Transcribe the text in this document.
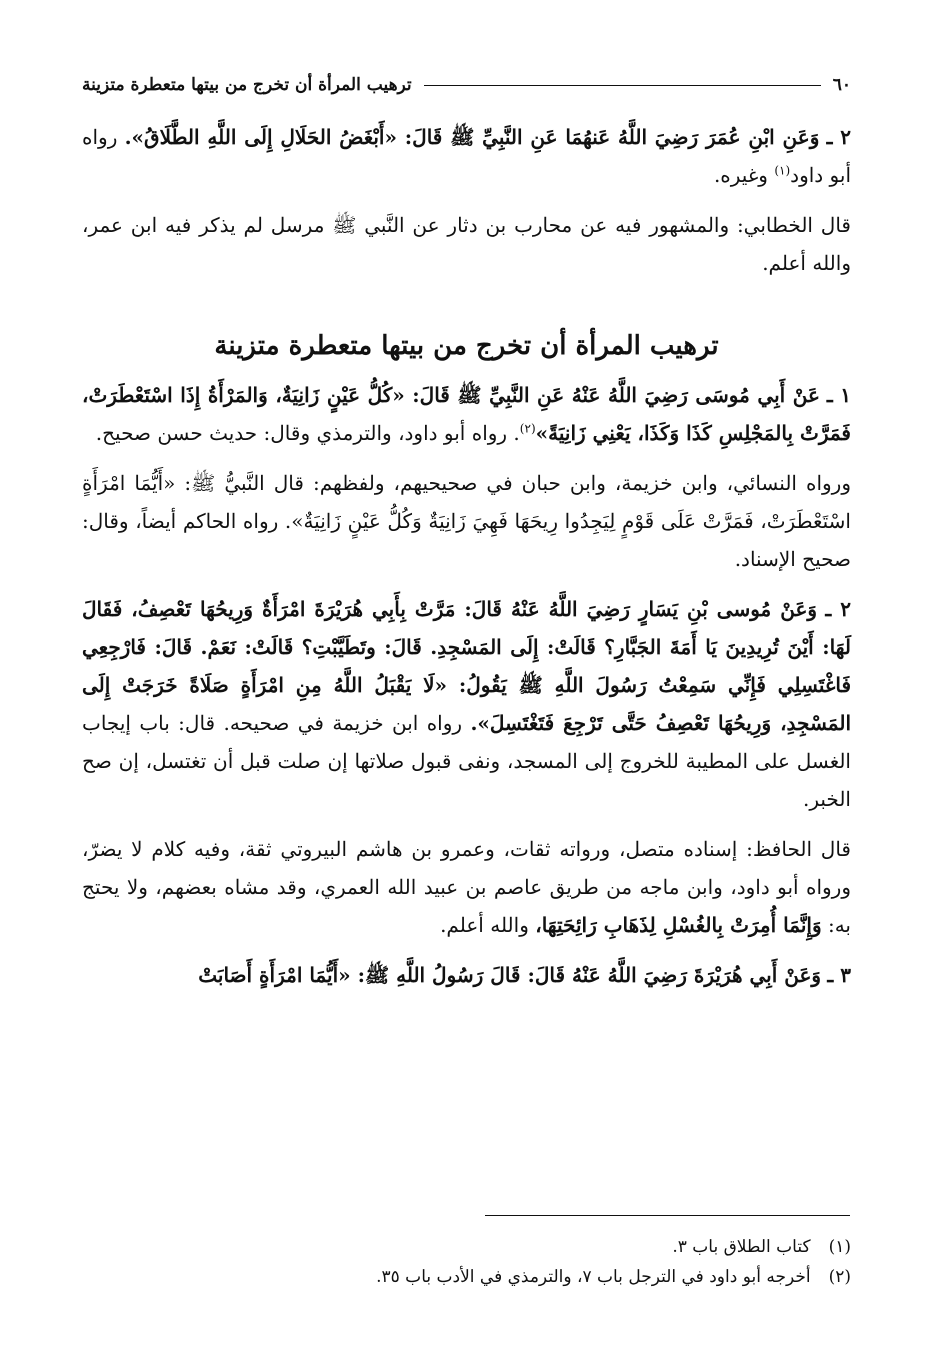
٦٠
ترهيب المرأة أن تخرج من بيتها متعطرة متزينة

٢ ـ وَعَنِ ابْنِ عُمَرَ رَضِيَ اللَّهُ عَنهُمَا عَنِ النَّبِيِّ ﷺ قَالَ: «أَبْغَضُ الحَلَالِ إِلَى اللَّهِ الطَّلَاقُ». رواه أبو داود$^{(١)}$ وغيره.

قال الخطابي: والمشهور فيه عن محارب بن دثار عن النَّبي ﷺ مرسل لم يذكر فيه ابن عمر، والله أعلم.

ترهيب المرأة أن تخرج من بيتها متعطرة متزينة

١ ـ عَنْ أَبِي مُوسَى رَضِيَ اللَّهُ عَنْهُ عَنِ النَّبِيِّ ﷺ قَالَ: «كُلُّ عَيْنٍ زَانِيَةٌ، وَالمَرْأَةُ إِذَا اسْتَعْطَرَتْ، فَمَرَّتْ بِالمَجْلِسِ كَذَا وَكَذَا، يَعْنِي زَانِيَةً»$^{(٢)}$. رواه أبو داود، والترمذي وقال: حديث حسن صحيح.

ورواه النسائي، وابن خزيمة، وابن حبان في صحيحيهم، ولفظهم: قال النَّبيُّ ﷺ: «أَيُّمَا امْرَأَةٍ اسْتَعْطَرَتْ، فَمَرَّتْ عَلَى قَوْمٍ لِيَجِدُوا رِيحَهَا فَهِيَ زَانِيَةٌ وَكُلُّ عَيْنٍ زَانِيَةٌ». رواه الحاكم أيضاً، وقال: صحيح الإسناد.

٢ ـ وَعَنْ مُوسى بْنِ يَسَارٍ رَضِيَ اللَّهُ عَنْهُ قَالَ: مَرَّتْ بِأَبِي هُرَيْرَةَ امْرَأَةٌ وَرِيحُهَا تَعْصِفُ، فَقَالَ لَهَا: أَيْنَ تُرِيدِينَ يَا أَمَةَ الجَبَّارِ؟ قَالَتْ: إِلَى المَسْجِدِ. قَالَ: وتَطَيَّبْتِ؟ قَالَتْ: نَعَمْ. قَالَ: فَارْجِعِي فَاغْتَسِلِي فَإِنِّي سَمِعْتُ رَسُولَ اللَّهِ ﷺ يَقُولُ: «لَا يَقْبَلُ اللَّهُ مِنِ امْرَأَةٍ صَلَاةً خَرَجَتْ إِلَى المَسْجِدِ، وَرِيحُهَا تَعْصِفُ حَتَّى تَرْجِعَ فَتَغْتَسِلَ». رواه ابن خزيمة في صحيحه. قال: باب إيجاب الغسل على المطيبة للخروج إلى المسجد، ونفى قبول صلاتها إن صلت قبل أن تغتسل، إن صح الخبر.

قال الحافظ: إسناده متصل، ورواته ثقات، وعمرو بن هاشم البيروتي ثقة، وفيه كلام لا يضرّ، ورواه أبو داود، وابن ماجه من طريق عاصم بن عبيد الله العمري، وقد مشاه بعضهم، ولا يحتج به: وَإِنَّمَا أُمِرَتْ بِالغُسْلِ لِذَهَابِ رَائِحَتِهَا، والله أعلم.

٣ ـ وَعَنْ أَبِي هُرَيْرَةَ رَضِيَ اللَّهُ عَنْهُ قَالَ: قَالَ رَسُولُ اللَّهِ ﷺ: «أَيُّمَا امْرَأَةٍ أَصَابَتْ

(١)
كتاب الطلاق باب ٣.
(٢)
أخرجه أبو داود في الترجل باب ٧، والترمذي في الأدب باب ٣٥.
